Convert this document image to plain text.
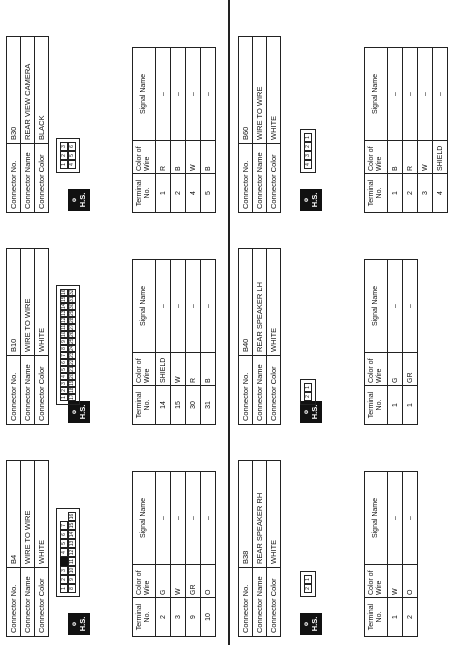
Connector No.	B4
Connector Name	WIRE TO WIRE
Connector Color	WHITE
⚙ H.S.
1
2
3
4
5
6
7
8
9
10
11
12
13
14
15
16
Terminal No.	Color of Wire	Signal Name
2	G	–
3	W	–
9	GR	–
10	O	–
Connector No.	B10
Connector Name	WIRE TO WIRE
Connector Color	WHITE
⚙ H.S.
1
2
3
4
5
6
7
8
9
10
11
12
13
14
15
16
17
18
19
20
21
22
23
24
25
26
27
28
29
30
31
32
Terminal No.	Color of Wire	Signal Name
14	SHIELD	–
15	W	–
30	R	–
31	B	–
Connector No.	B30
Connector Name	REAR VIEW CAMERA
Connector Color	BLACK
⚙ H.S.
1
2
3
4
5
6
Terminal No.	Color of Wire	Signal Name
1	R	–
2	B	–
4	W	–
5	B	–
Connector No.	B38
Connector Name	REAR SPEAKER RH
Connector Color	WHITE
⚙ H.S.
2
1
Terminal No.	Color of Wire	Signal Name
1	W	–
2	O	–
Connector No.	B40
Connector Name	REAR SPEAKER LH
Connector Color	WHITE
⚙ H.S.
2
1
Terminal No.	Color of Wire	Signal Name
1	G	–
1	GR	–
Connector No.	B60
Connector Name	WIRE TO WIRE
Connector Color	WHITE
⚙ H.S.
4
3
2
1
Terminal No.	Color of Wire	Signal Name
1	B	–
2	R	–
3	W	–
4	SHIELD	–
